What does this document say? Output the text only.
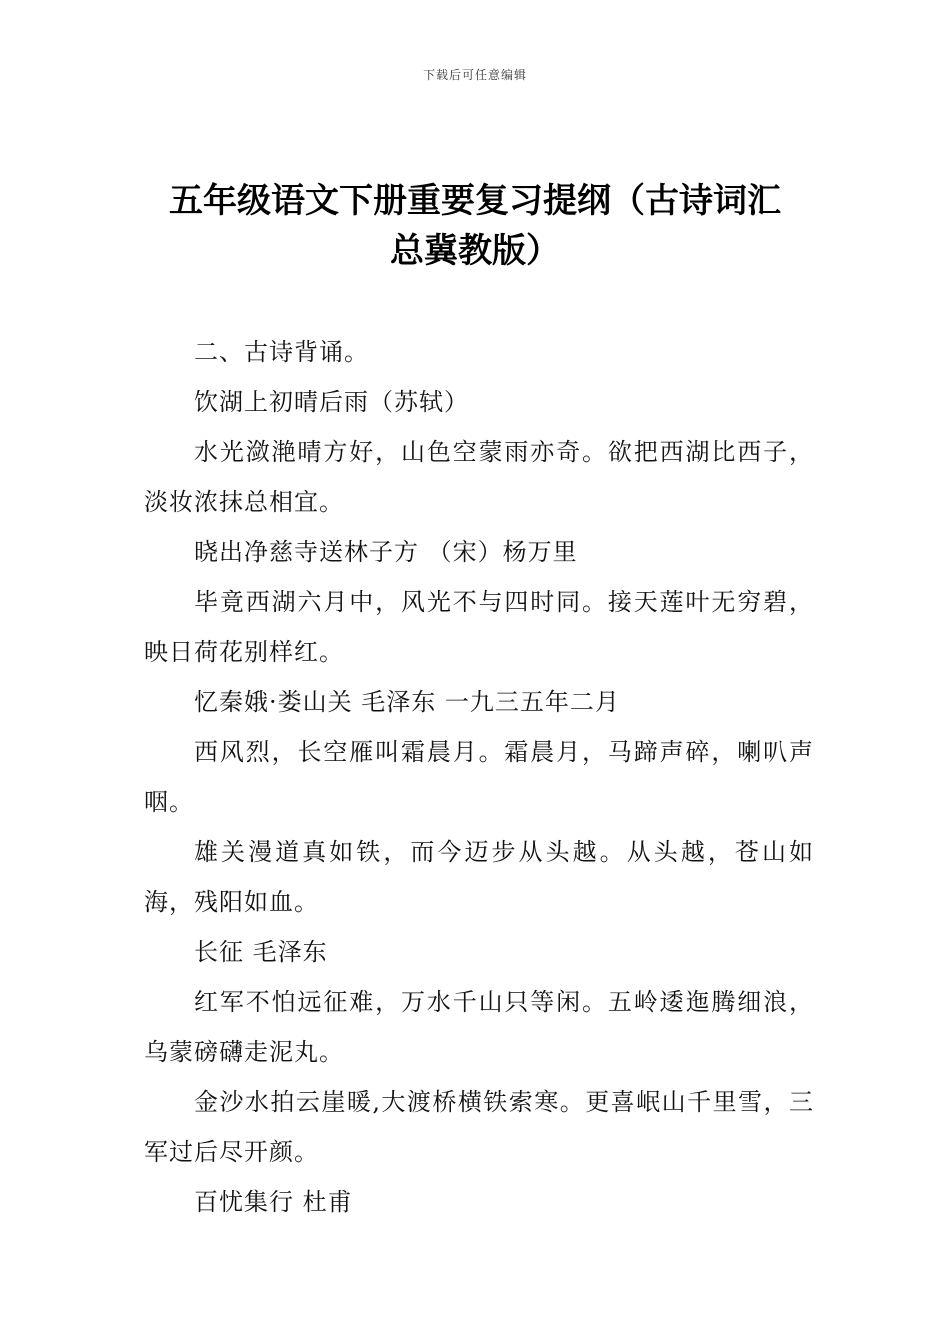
下载后可任意编辑
五年级语文下册重要复习提纲（古诗词汇
总冀教版）

二、古诗背诵。

饮湖上初晴后雨（苏轼）

水光潋滟晴方好，山色空蒙雨亦奇。欲把西湖比西子，淡妆浓抹总相宜。

晓出净慈寺送林子方 （宋）杨万里

毕竟西湖六月中，风光不与四时同。接天莲叶无穷碧，映日荷花别样红。

忆秦娥·娄山关 毛泽东 一九三五年二月

西风烈，长空雁叫霜晨月。霜晨月，马蹄声碎，喇叭声咽。

雄关漫道真如铁，而今迈步从头越。从头越，苍山如海，残阳如血。

长征 毛泽东

红军不怕远征难，万水千山只等闲。五岭逶迤腾细浪，乌蒙磅礴走泥丸。

金沙水拍云崖暖,大渡桥横铁索寒。更喜岷山千里雪，三军过后尽开颜。

百忧集行 杜甫
